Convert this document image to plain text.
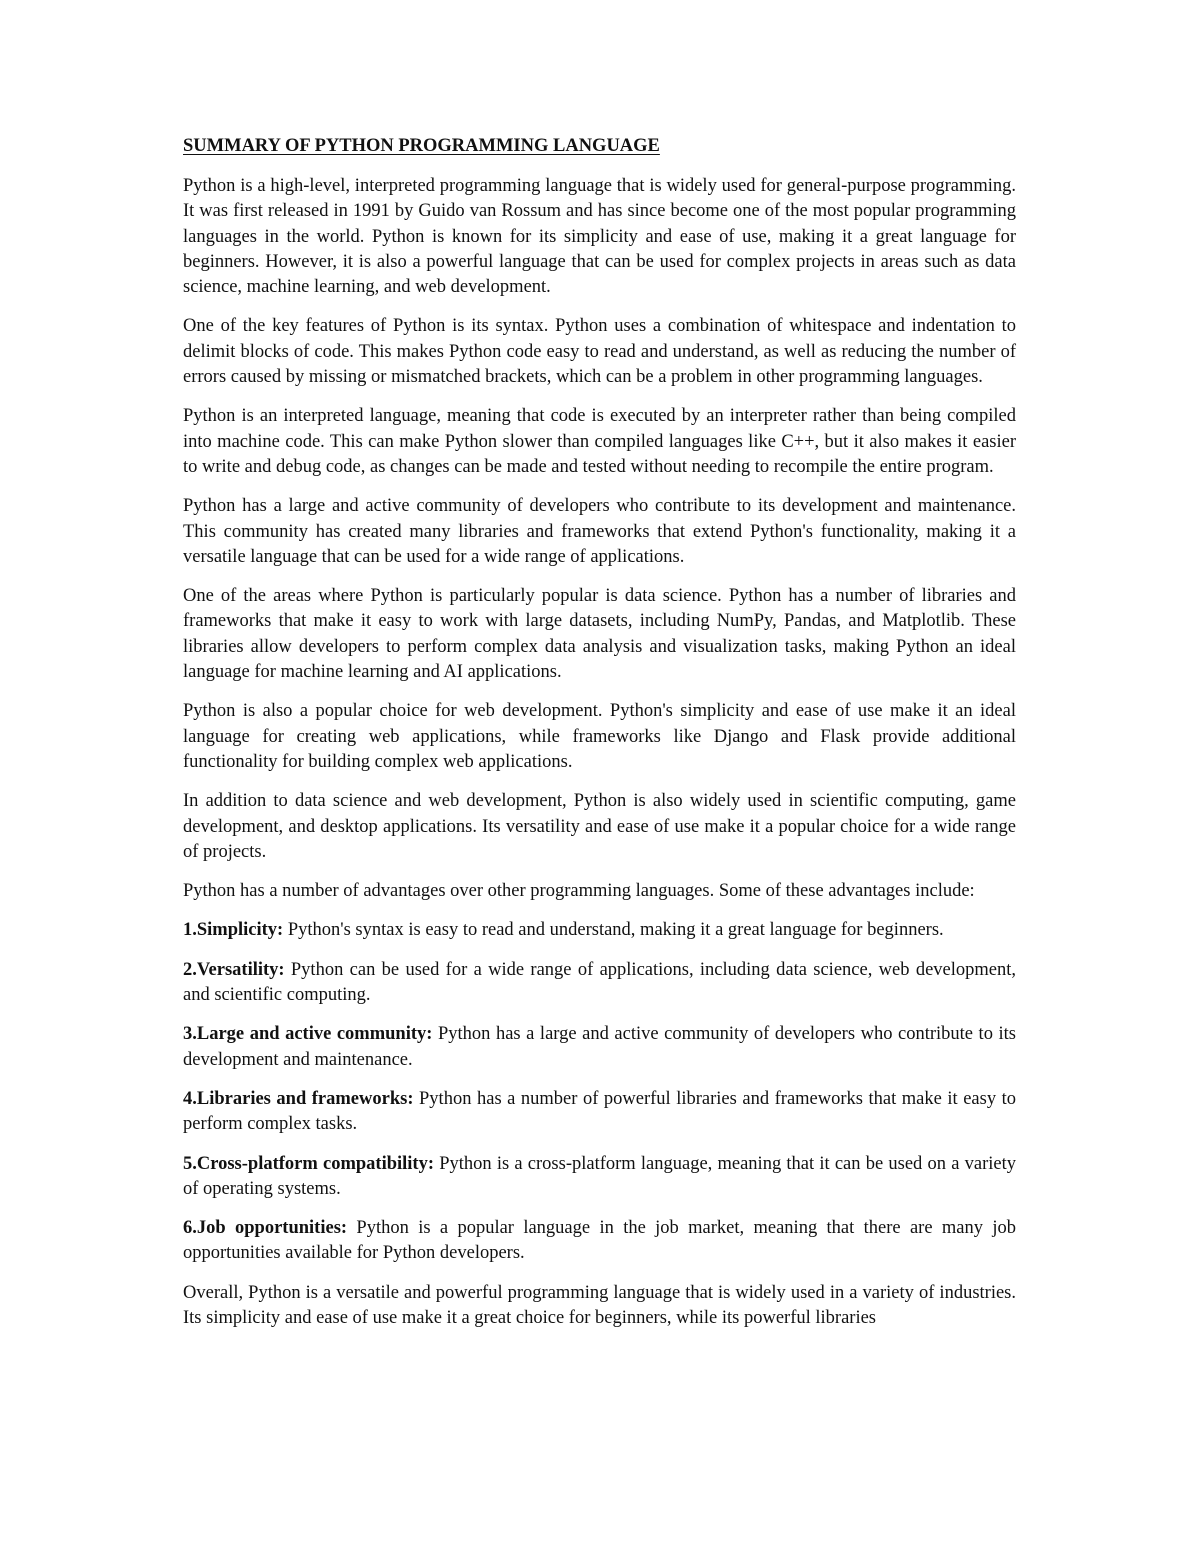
SUMMARY OF PYTHON PROGRAMMING LANGUAGE

Python is a high-level, interpreted programming language that is widely used for general-purpose programming. It was first released in 1991 by Guido van Rossum and has since become one of the most popular programming languages in the world. Python is known for its simplicity and ease of use, making it a great language for beginners. However, it is also a powerful language that can be used for complex projects in areas such as data science, machine learning, and web development.

One of the key features of Python is its syntax. Python uses a combination of whitespace and indentation to delimit blocks of code. This makes Python code easy to read and understand, as well as reducing the number of errors caused by missing or mismatched brackets, which can be a problem in other programming languages.

Python is an interpreted language, meaning that code is executed by an interpreter rather than being compiled into machine code. This can make Python slower than compiled languages like C++, but it also makes it easier to write and debug code, as changes can be made and tested without needing to recompile the entire program.

Python has a large and active community of developers who contribute to its development and maintenance. This community has created many libraries and frameworks that extend Python's functionality, making it a versatile language that can be used for a wide range of applications.

One of the areas where Python is particularly popular is data science. Python has a number of libraries and frameworks that make it easy to work with large datasets, including NumPy, Pandas, and Matplotlib. These libraries allow developers to perform complex data analysis and visualization tasks, making Python an ideal language for machine learning and AI applications.

Python is also a popular choice for web development. Python's simplicity and ease of use make it an ideal language for creating web applications, while frameworks like Django and Flask provide additional functionality for building complex web applications.

In addition to data science and web development, Python is also widely used in scientific computing, game development, and desktop applications. Its versatility and ease of use make it a popular choice for a wide range of projects.

Python has a number of advantages over other programming languages. Some of these advantages include:

1.Simplicity: Python's syntax is easy to read and understand, making it a great language for beginners.

2.Versatility: Python can be used for a wide range of applications, including data science, web development, and scientific computing.

3.Large and active community: Python has a large and active community of developers who contribute to its development and maintenance.

4.Libraries and frameworks: Python has a number of powerful libraries and frameworks that make it easy to perform complex tasks.

5.Cross-platform compatibility: Python is a cross-platform language, meaning that it can be used on a variety of operating systems.

6.Job opportunities: Python is a popular language in the job market, meaning that there are many job opportunities available for Python developers.

Overall, Python is a versatile and powerful programming language that is widely used in a variety of industries. Its simplicity and ease of use make it a great choice for beginners, while its powerful libraries
